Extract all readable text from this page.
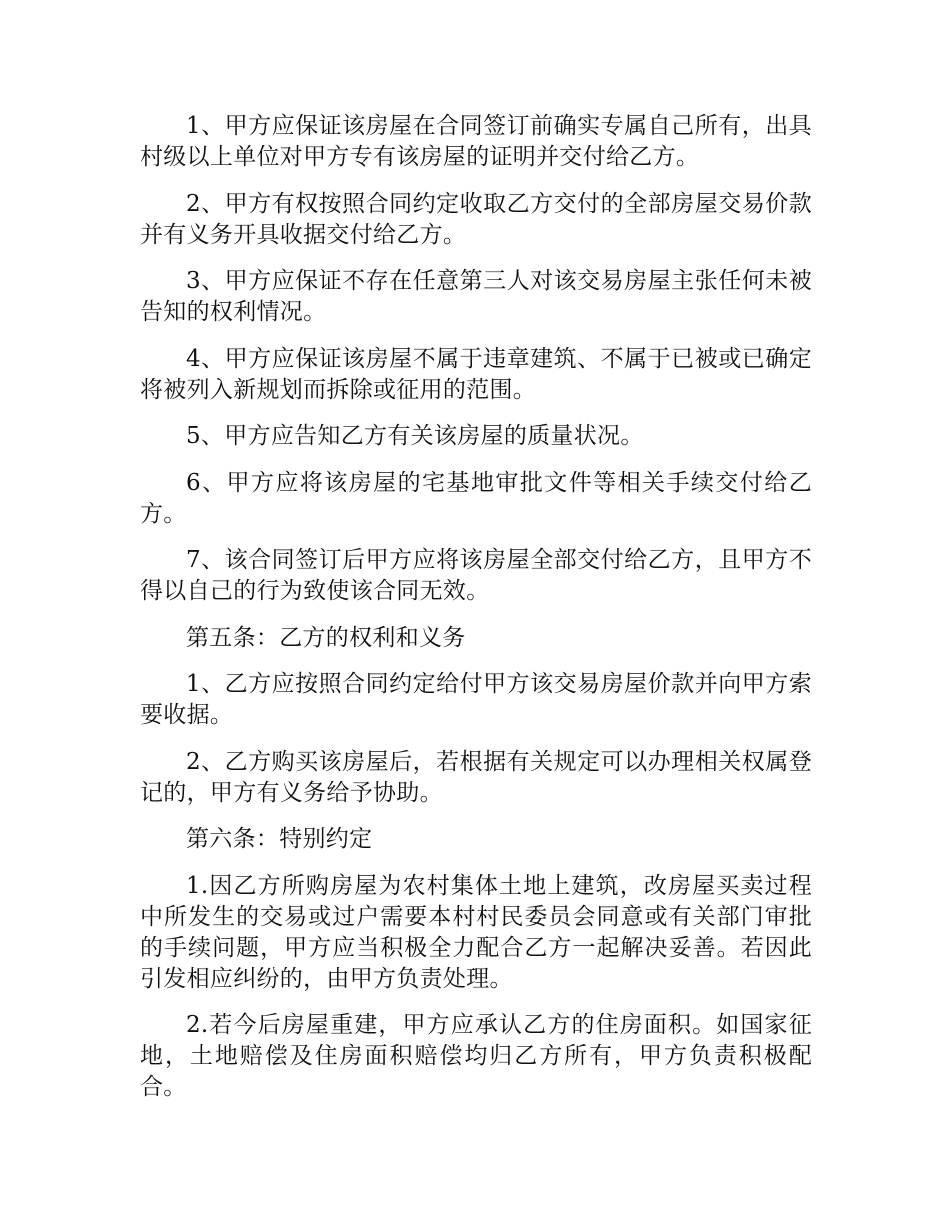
1、甲方应保证该房屋在合同签订前确实专属自己所有，出具村级以上单位对甲方专有该房屋的证明并交付给乙方。

2、甲方有权按照合同约定收取乙方交付的全部房屋交易价款并有义务开具收据交付给乙方。

3、甲方应保证不存在任意第三人对该交易房屋主张任何未被告知的权利情况。

4、甲方应保证该房屋不属于违章建筑、不属于已被或已确定将被列入新规划而拆除或征用的范围。

5、甲方应告知乙方有关该房屋的质量状况。

6、甲方应将该房屋的宅基地审批文件等相关手续交付给乙方。

7、该合同签订后甲方应将该房屋全部交付给乙方，且甲方不得以自己的行为致使该合同无效。

第五条：乙方的权利和义务

1、乙方应按照合同约定给付甲方该交易房屋价款并向甲方索要收据。

2、乙方购买该房屋后，若根据有关规定可以办理相关权属登记的，甲方有义务给予协助。

第六条：特别约定

1.因乙方所购房屋为农村集体土地上建筑，改房屋买卖过程中所发生的交易或过户需要本村村民委员会同意或有关部门审批的手续问题，甲方应当积极全力配合乙方一起解决妥善。若因此引发相应纠纷的，由甲方负责处理。

2.若今后房屋重建，甲方应承认乙方的住房面积。如国家征地，土地赔偿及住房面积赔偿均归乙方所有，甲方负责积极配合。
